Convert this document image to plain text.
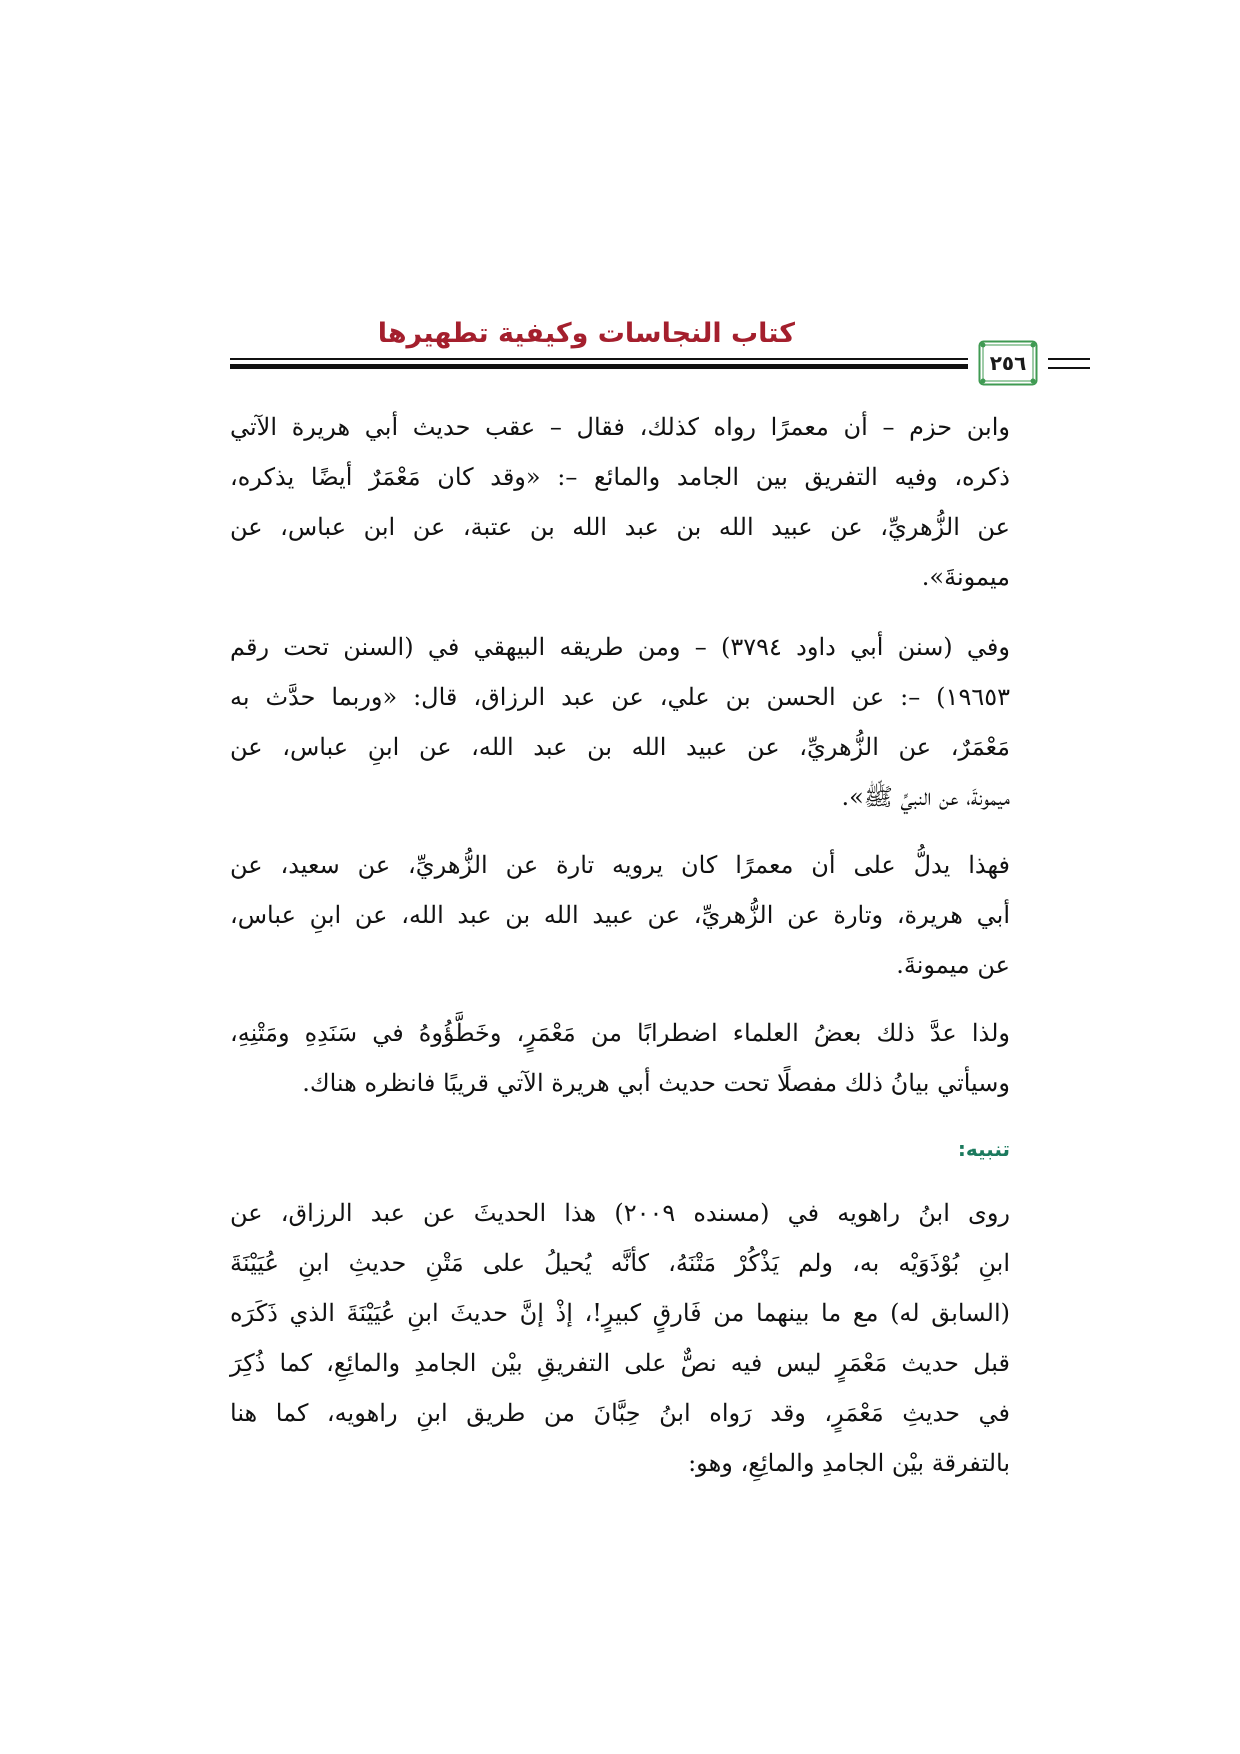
كتاب النجاسات وكيفية تطهيرها
٢٥٦

وابن حزم – أن معمرًا رواه كذلك، فقال – عقب حديث أبي هريرة الآتي
ذكره، وفيه التفريق بين الجامد والمائع –: «وقد كان مَعْمَرٌ أيضًا يذكره،
عن الزُّهريِّ، عن عبيد الله بن عبد الله بن عتبة، عن ابن عباس، عن
ميمونةَ».

وفي (سنن أبي داود ٣٧٩٤) – ومن طريقه البيهقي في (السنن تحت رقم
١٩٦٥٣) –: عن الحسن بن علي، عن عبد الرزاق، قال: «وربما حدَّث به
مَعْمَرٌ، عن الزُّهريِّ، عن عبيد الله بن عبد الله، عن ابنِ عباس، عن
ميمونةَ، عن النبيِّ ﷺ».

فهذا يدلُّ على أن معمرًا كان يرويه تارة عن الزُّهريِّ، عن سعيد، عن
أبي هريرة، وتارة عن الزُّهريِّ، عن عبيد الله بن عبد الله، عن ابنِ عباس،
عن ميمونةَ.

ولذا عدَّ ذلك بعضُ العلماء اضطرابًا من مَعْمَرٍ، وخَطَّؤُوهُ في سَنَدِهِ ومَتْنِهِ،
وسيأتي بيانُ ذلك مفصلًا تحت حديث أبي هريرة الآتي قريبًا فانظره هناك.

تنبيه:

روى ابنُ راهويه في (مسنده ٢٠٠٩) هذا الحديثَ عن عبد الرزاق، عن
ابنِ بُوْذَوَيْه به، ولم يَذْكُرْ مَتْنَهُ، كأنَّه يُحيلُ على مَتْنِ حديثِ ابنِ عُيَيْنَةَ
(السابق له) مع ما بينهما من فَارقٍ كبيرٍ!، إذْ إنَّ حديثَ ابنِ عُيَيْنَةَ الذي ذَكَرَه
قبل حديث مَعْمَرٍ ليس فيه نصٌّ على التفريقِ بيْن الجامدِ والمائِعِ، كما ذُكِرَ
في حديثِ مَعْمَرٍ، وقد رَواه ابنُ حِبَّانَ من طريق ابنِ راهويه، كما هنا
بالتفرقة بيْن الجامدِ والمائِعِ، وهو:
